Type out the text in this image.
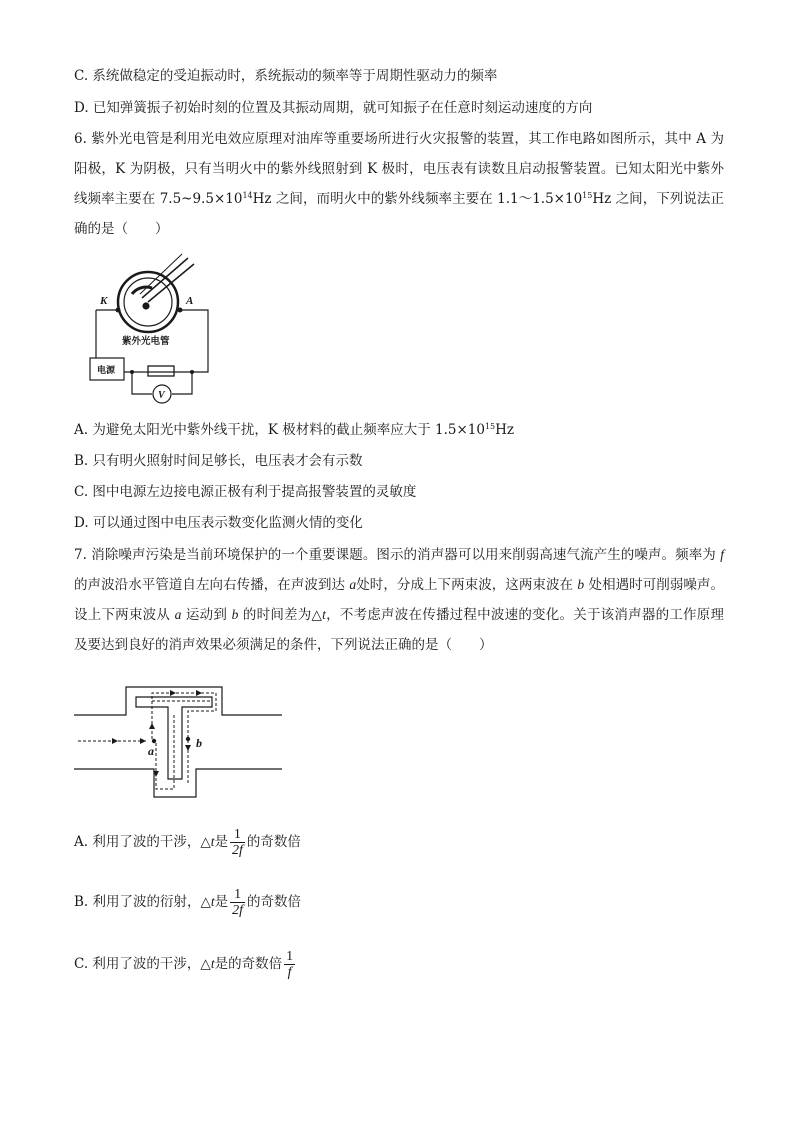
C. 系统做稳定的受迫振动时，系统振动的频率等于周期性驱动力的频率
D. 已知弹簧振子初始时刻的位置及其振动周期，就可知振子在任意时刻运动速度的方向
6. 紫外光电管是利用光电效应原理对油库等重要场所进行火灾报警的装置，其工作电路如图所示，其中 A 为阳极，K 为阴极，只有当明火中的紫外线照射到 K 极时，电压表有读数且启动报警装置。已知太阳光中紫外线频率主要在 $7.5\sim 9.5\times 10^{14}Hz$ 之间，而明火中的紫外线频率主要在 $1.1\sim 1.5\times 10^{15}Hz$ 之间，下列说法正确的是（　　）
K	A
紫外光电管
电源
V
A. 为避免太阳光中紫外线干扰，K 极材料的截止频率应大于 $1.5\times 10^{15}Hz$
B. 只有明火照射时间足够长，电压表才会有示数
C. 图中电源左边接电源正极有利于提高报警装置的灵敏度
D. 可以通过图中电压表示数变化监测火情的变化
7. 消除噪声污染是当前环境保护的一个重要课题。图示的消声器可以用来削弱高速气流产生的噪声。频率为 f的声波沿水平管道自左向右传播，在声波到达 a处时，分成上下两束波，这两束波在 b 处相遇时可削弱噪声。设上下两束波从 a 运动到 b 的时间差为△t，不考虑声波在传播过程中波速的变化。关于该消声器的工作原理及要达到良好的消声效果必须满足的条件，下列说法正确的是（　　）
a
b
A. 利用了波的干涉，△t是 $\frac{1}{2f}$ 的奇数倍
B. 利用了波的衍射，△t是 $\frac{1}{2f}$ 的奇数倍
C. 利用了波的干涉，△t是的奇数倍 $\frac{1}{f}$
